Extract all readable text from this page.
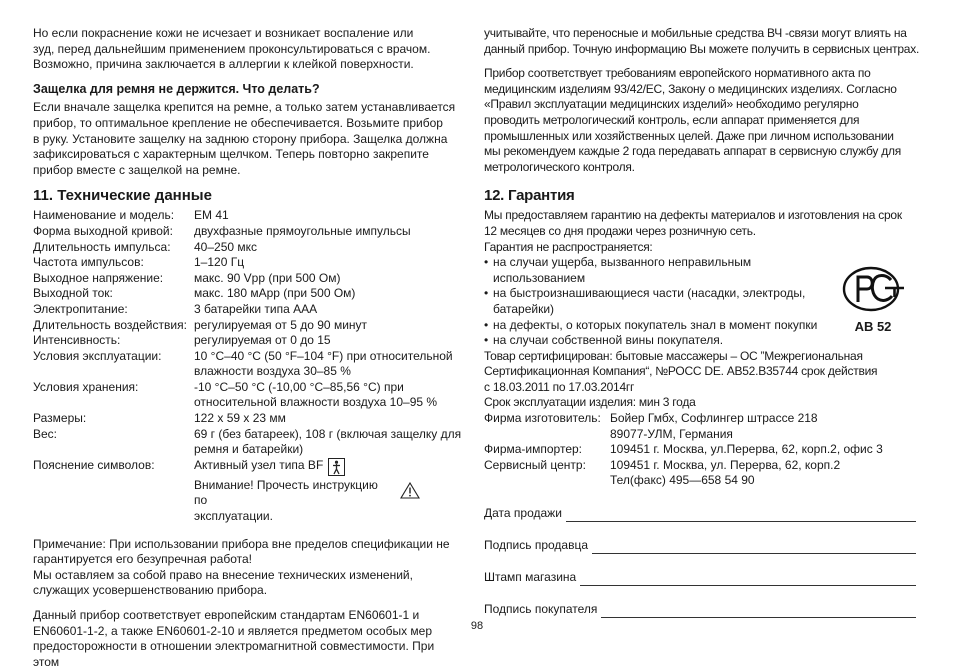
Но если покраснение кожи не исчезает и возникает воспаление или

зуд, перед дальнейшим применением проконсультироваться с врачом.

Возможно, причина заключается в аллергии к клейкой поверхности.

Защелка для ремня не держится. Что делать?

Если вначале защелка крепится на ремне, а только затем устанавливается

прибор, то оптимальное крепление не обеспечивается. Возьмите прибор

в руку. Установите защелку на заднюю сторону прибора. Защелка должна

зафиксироваться с характерным щелчком. Теперь повторно закрепите

прибор вместе с защелкой на ремне.

11. Технические данные

Наименование и модель:	EM 41

Форма выходной кривой:	двухфазные прямоугольные импульсы

Длительность импульса:	40–250 мкс

Частота импульсов:	1–120 Гц

Выходное напряжение:	макс. 90 Vpp (при 500 Ом)

Выходной ток:	макс. 180 мApp (при 500 Ом)

Электропитание:	3 батарейки типа AAA

Длительность воздействия:	регулируемая от 5 до 90 минут

Интенсивность:	регулируемая от 0 до 15

Условия эксплуатации:	10 °C–40 °C (50 °F–104 °F) при относительной
влажности воздуха 30–85 %

Условия хранения:	-10 °C–50 °C (-10,00 °C–85,56 °C) при
относительной влажности воздуха 10–95 %

Размеры:	122 x 59 x 23 мм

Вес:	69 г (без батареек), 108 г (включая защелку для
ремня и батарейки)

Пояснение символов:	Активный узел типа BF
Внимание! Прочесть инструкцию по
эксплуатации.

Примечание: При использовании прибора вне пределов спецификации не

гарантируется его безупречная работа!

Мы оставляем за собой право на внесение технических изменений,

служащих усовершенствованию прибора.

Данный прибор соответствует европейским стандартам EN60601-1 и

EN60601-1-2, а также EN60601-2-10 и является предметом особых мер

предосторожности в отношении электромагнитной совместимости. При этом

учитывайте, что переносные и мобильные средства ВЧ -связи могут влиять на

данный прибор. Точную информацию Вы можете получить в сервисных центрах.

Прибор соответствует требованиям европейского нормативного акта по

медицинским изделиям 93/42/EC, Закону о медицинских изделиях. Согласно

«Правил эксплуатации медицинских изделий» необходимо регулярно

проводить метрологический контроль, если аппарат применяется для

промышленных или хозяйственных целей. Даже при личном использовании

мы рекомендуем каждые 2 года передавать аппарат в сервисную службу для

метрологического контроля.

12. Гарантия

Мы предоставляем гарантию на дефекты материалов и изготовления на срок

12 месяцев со дня продажи через розничную сеть.

Гарантия не распространяется:

• на случаи ущерба, вызванного неправильным
использованием
• на быстроизнашивающиеся части (насадки, электроды,
батарейки)
• на дефекты, о которых покупатель знал в момент покупки
• на случаи собственной вины покупателя.
AB 52

Товар сертифицирован: бытовые массажеры – ОС ”Межрегиональная

Сертификационная Компания“, №РОСС DE. АВ52.В35744 срок действия

с 18.03.2011 по 17.03.2014гг

Срок эксплуатации изделия: мин 3 года

Фирма изготовитель:	Бойер Гмбх, Софлингер штрассе 218
89077-УЛМ, Германия

Фирма-импортер:	109451 г. Москва, ул.Перерва, 62, корп.2, офис 3

Сервисный центр:	109451 г. Москва, ул. Перерва, 62, корп.2
Тел(факс) 495—658 54 90
Дата продажи
Подпись продавца
Штамп магазина
Подпись покупателя
98
